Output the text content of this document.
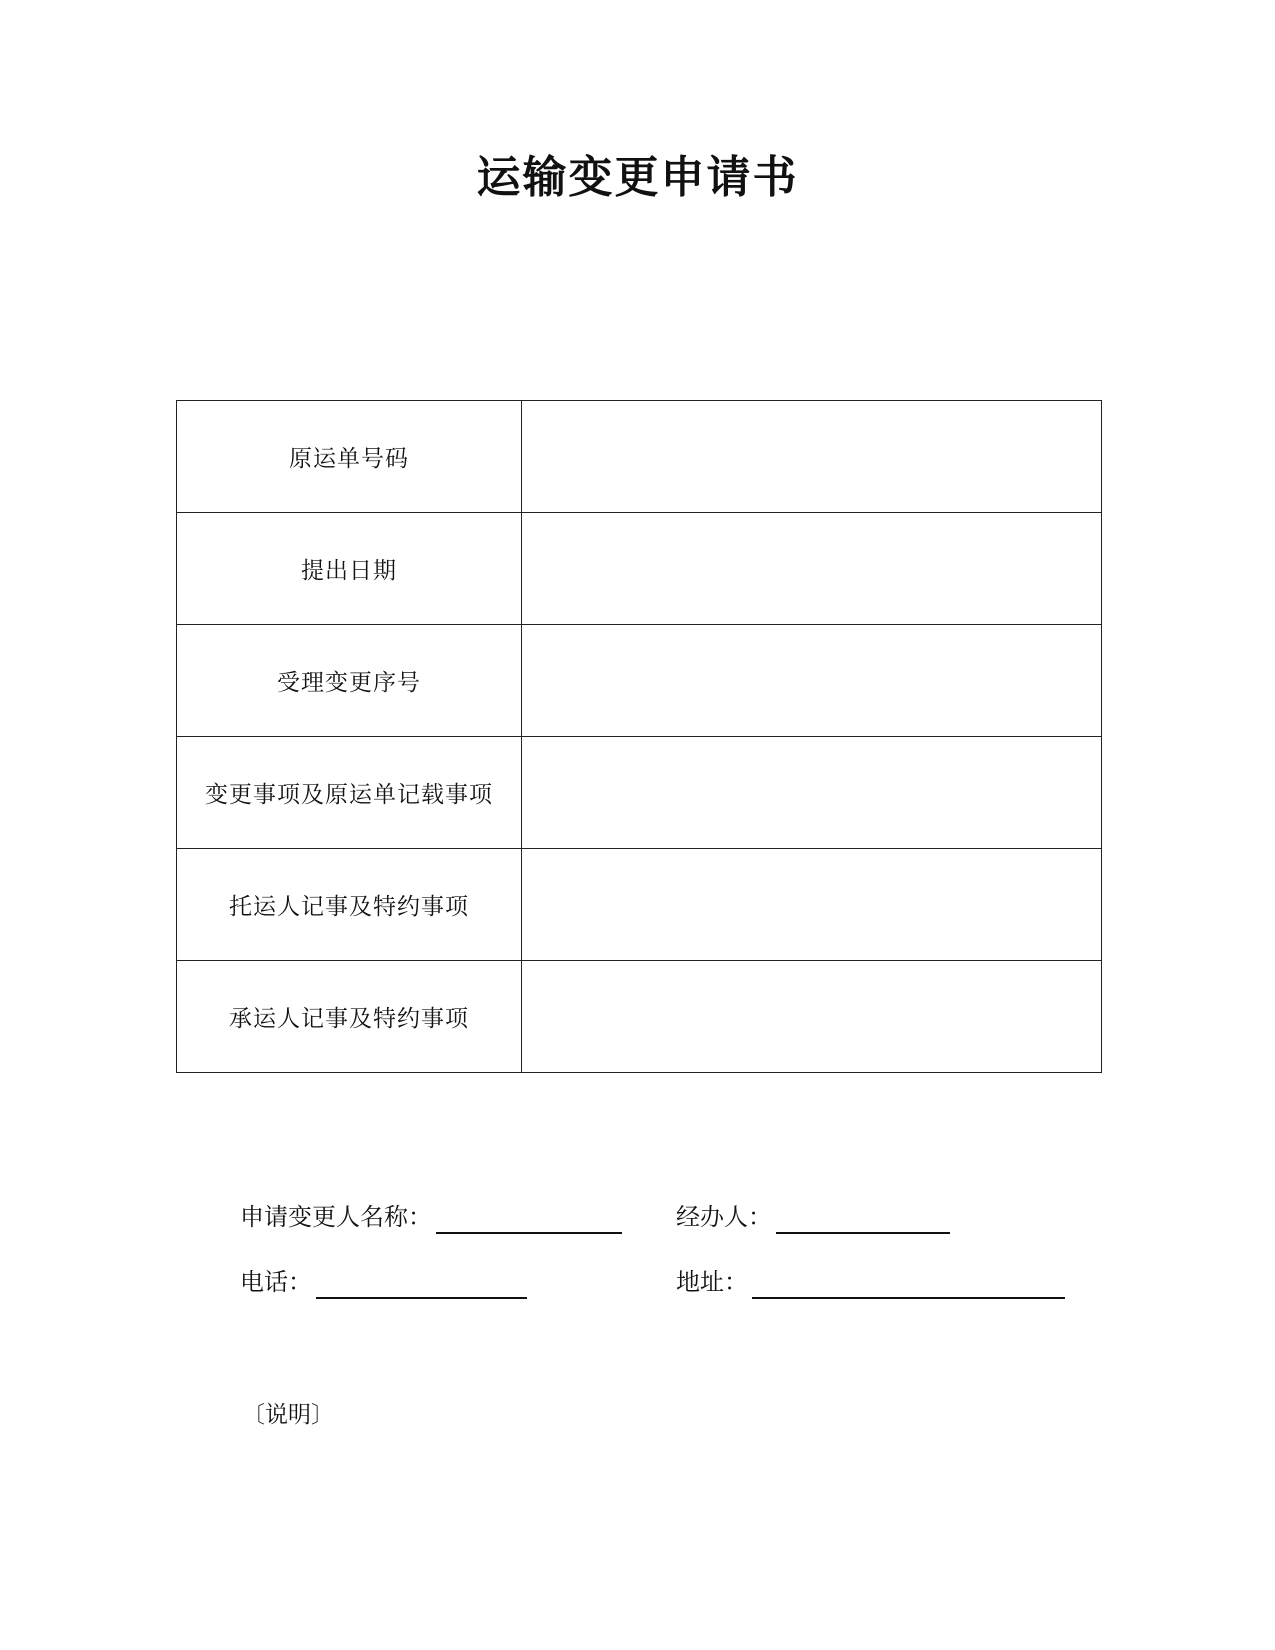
运输变更申请书
原运单号码	
提出日期	
受理变更序号	
变更事项及原运单记载事项	
托运人记事及特约事项	
承运人记事及特约事项	
申请变更人名称：	经办人：
电话：	地址：
〔说明〕
